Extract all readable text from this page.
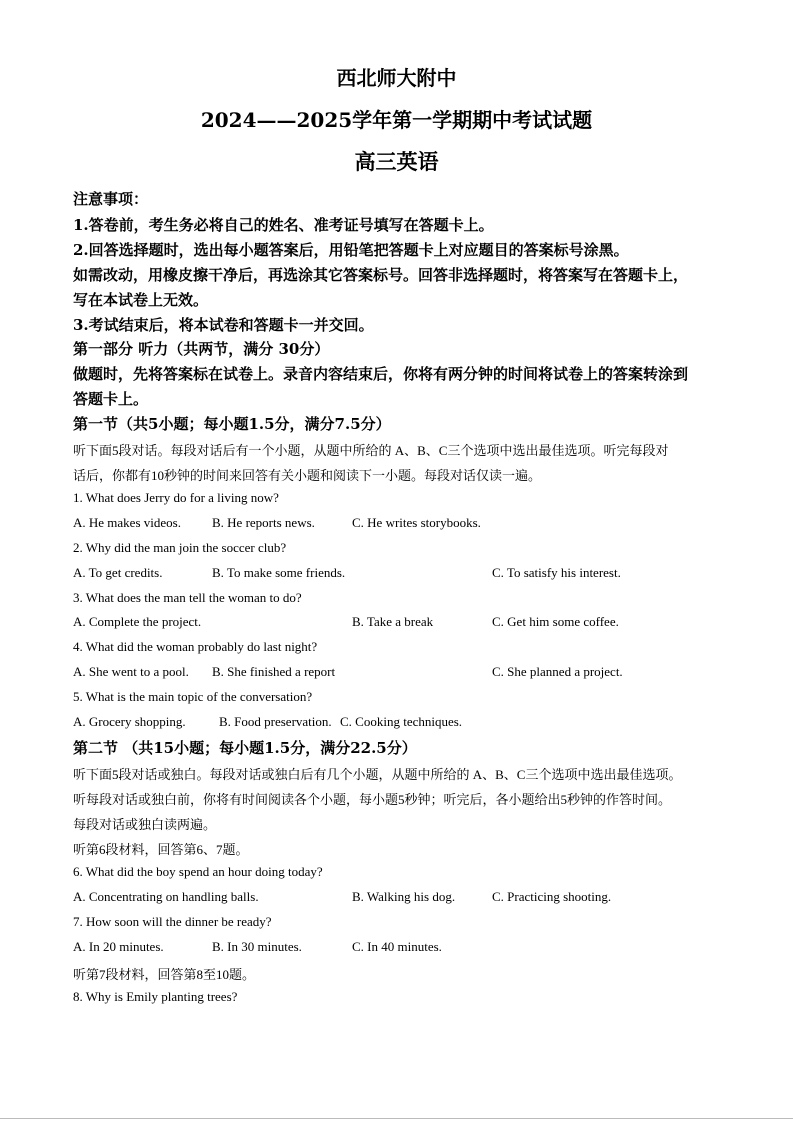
西北师大附中
2024——2025学年第一学期期中考试试题
高三英语

注意事项：

1.答卷前，考生务必将自己的姓名、准考证号填写在答题卡上。

2.回答选择题时，选出每小题答案后，用铅笔把答题卡上对应题目的答案标号涂黑。

如需改动，用橡皮擦干净后，再选涂其它答案标号。回答非选择题时，将答案写在答题卡上，

写在本试卷上无效。

3.考试结束后，将本试卷和答题卡一并交回。

第一部分 听力（共两节，满分 30分）

做题时，先将答案标在试卷上。录音内容结束后，你将有两分钟的时间将试卷上的答案转涂到

答题卡上。

第一节（共5小题；每小题1.5分，满分7.5分）

听下面5段对话。每段对话后有一个小题，从题中所给的 A、B、C三个选项中选出最佳选项。听完每段对

话后，你都有10秒钟的时间来回答有关小题和阅读下一小题。每段对话仅读一遍。

1. What does Jerry do for a living now?

A. He makes videos. B. He reports news.	C. He writes storybooks.

2. Why did the man join the soccer club?

A. To get credits.	B. To make some friends.	C. To satisfy his interest.

3. What does the man tell the woman to do?

A. Complete the project.	B. Take a break	C. Get him some coffee.

4. What did the woman probably do last night?

A. She went to a pool. B. She finished a report	C. She planned a project.

5. What is the main topic of the conversation?

A. Grocery shopping.	B. Food preservation. C. Cooking techniques.

第二节 （共15小题；每小题1.5分，满分22.5分）

听下面5段对话或独白。每段对话或独白后有几个小题，从题中所给的 A、B、C三个选项中选出最佳选项。

听每段对话或独白前，你将有时间阅读各个小题，每小题5秒钟；听完后，各小题给出5秒钟的作答时间。

每段对话或独白读两遍。

听第6段材料，回答第6、7题。

6. What did the boy spend an hour doing today?

A. Concentrating on handling balls.	B. Walking his dog.	C. Practicing shooting.

7. How soon will the dinner be ready?

A. In 20 minutes.	B. In 30 minutes.	C. In 40 minutes.

听第7段材料，回答第8至10题。

8. Why is Emily planting trees?
